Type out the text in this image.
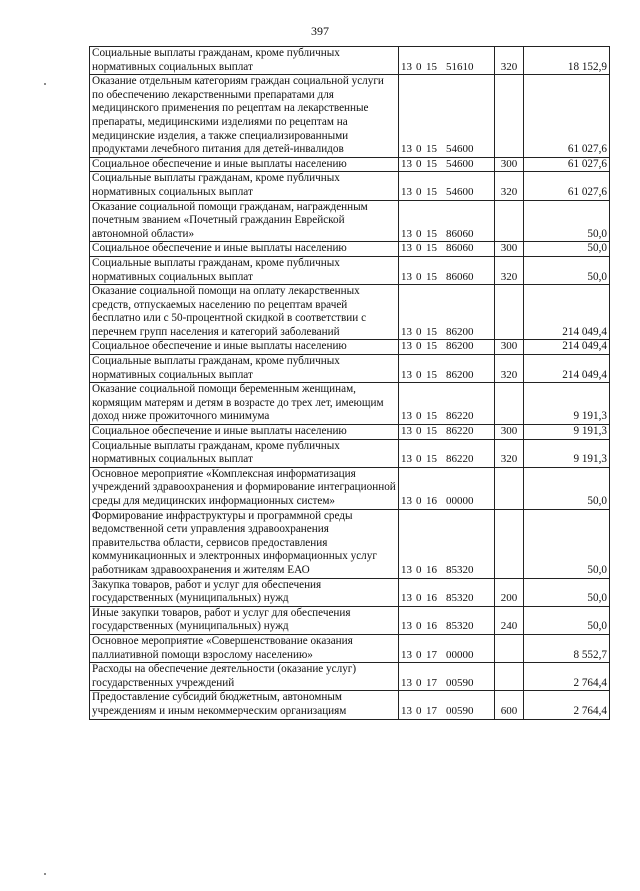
397
Социальные выплаты гражданам, кроме публичных нормативных социальных выплат	13 0 15 51610	320	18 152,9
Оказание отдельным категориям граждан социальной услуги по обеспечению лекарственными препаратами для медицинского применения по рецептам на лекарственные препараты, медицинскими изделиями по рецептам на медицинские изделия, а также специализированными продуктами лечебного питания для детей-инвалидов	13 0 15 54600		61 027,6
Социальное обеспечение и иные выплаты населению	13 0 15 54600	300	61 027,6
Социальные выплаты гражданам, кроме публичных нормативных социальных выплат	13 0 15 54600	320	61 027,6
Оказание социальной помощи гражданам, награжденным почетным званием «Почетный гражданин Еврейской автономной области»	13 0 15 86060		50,0
Социальное обеспечение и иные выплаты населению	13 0 15 86060	300	50,0
Социальные выплаты гражданам, кроме публичных нормативных социальных выплат	13 0 15 86060	320	50,0
Оказание социальной помощи на оплату лекарственных средств, отпускаемых населению по рецептам врачей бесплатно или с 50-процентной скидкой в соответствии с перечнем групп населения и категорий заболеваний	13 0 15 86200		214 049,4
Социальное обеспечение и иные выплаты населению	13 0 15 86200	300	214 049,4
Социальные выплаты гражданам, кроме публичных нормативных социальных выплат	13 0 15 86200	320	214 049,4
Оказание социальной помощи беременным женщинам, кормящим матерям и детям в возрасте до трех лет, имеющим доход ниже прожиточного минимума	13 0 15 86220		9 191,3
Социальное обеспечение и иные выплаты населению	13 0 15 86220	300	9 191,3
Социальные выплаты гражданам, кроме публичных нормативных социальных выплат	13 0 15 86220	320	9 191,3
Основное мероприятие «Комплексная информатизация учреждений здравоохранения и формирование интеграционной среды для медицинских информационных систем»	13 0 16 00000		50,0
Формирование инфраструктуры и программной среды ведомственной сети управления здравоохранения правительства области, сервисов предоставления коммуникационных и электронных информационных услуг работникам здравоохранения и жителям ЕАО	13 0 16 85320		50,0
Закупка товаров, работ и услуг для обеспечения государственных (муниципальных) нужд	13 0 16 85320	200	50,0
Иные закупки товаров, работ и услуг для обеспечения государственных (муниципальных) нужд	13 0 16 85320	240	50,0
Основное мероприятие «Совершенствование оказания паллиативной помощи взрослому населению»	13 0 17 00000		8 552,7
Расходы на обеспечение деятельности (оказание услуг) государственных учреждений	13 0 17 00590		2 764,4
Предоставление субсидий бюджетным, автономным учреждениям и иным некоммерческим организациям	13 0 17 00590	600	2 764,4
